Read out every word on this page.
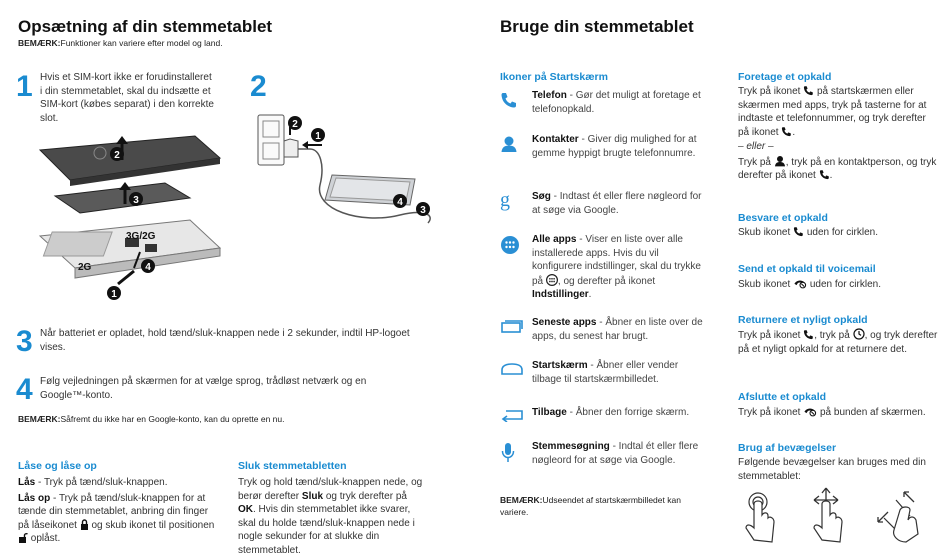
Opsætning af din stemmetablet
BEMÆRK:Funktioner kan variere efter model og land.
1 Hvis et SIM-kort ikke er forudinstalleret i din stemmetablet, skal du indsætte et SIM-kort (købes separat) i den korrekte slot.
2
3G/2G
2G
2
3
4
1
1
2
4
3
3 Når batteriet er opladet, hold tænd/sluk-knappen nede i 2 sekunder, indtil HP-logoet vises.
4 Følg vejledningen på skærmen for at vælge sprog, trådløst netværk og en Google™-konto.
BEMÆRK:Såfremt du ikke har en Google-konto, kan du oprette en nu.
Låse og låse op
Lås - Tryk på tænd/sluk-knappen.
Lås op - Tryk på tænd/sluk-knappen for at tænde din stemmetablet, anbring din finger på låseikonet  og skub ikonet til positionen  oplåst.
Sluk stemmetabletten
Tryk og hold tænd/sluk-knappen nede, og berør derefter Sluk og tryk derefter på OK. Hvis din stemmetablet ikke svarer, skal du holde tænd/sluk-knappen nede i nogle sekunder for at slukke din stemmetablet.
Bruge din stemmetablet
Ikoner på Startskærm
Telefon - Gør det muligt at foretage et telefonopkald.
Kontakter - Giver dig mulighed for at gemme hyppigt brugte telefonnumre.
g Søg - Indtast ét eller flere nøgleord for at søge via Google.
Alle apps - Viser en liste over alle installerede apps. Hvis du vil konfigurere indstillinger, skal du trykke på , og derefter på ikonet Indstillinger.
Seneste apps - Åbner en liste over de apps, du senest har brugt.
Startskærm - Åbner eller vender tilbage til startskærmbilledet.
Tilbage - Åbner den forrige skærm.
Stemmesøgning - Indtal ét eller flere nøgleord for at søge via Google.
BEMÆRK:Udseendet af startskærmbilledet kan variere.
Foretage et opkald
Tryk på ikonet  på startskærmen eller skærmen med apps, tryk på tasterne for at indtaste et telefonnummer, og tryk derefter på ikonet .
– eller –
Tryk på , tryk på en kontaktperson, og tryk derefter på ikonet .
Besvare et opkald
Skub ikonet  uden for cirklen.
Send et opkald til voicemail
Skub ikonet  uden for cirklen.
Returnere et nyligt opkald
Tryk på ikonet , tryk på , og tryk derefter på et nyligt opkald for at returnere det.
Afslutte et opkald
Tryk på ikonet  på bunden af skærmen.
Brug af bevægelser
Følgende bevægelser kan bruges med din stemmetablet:
